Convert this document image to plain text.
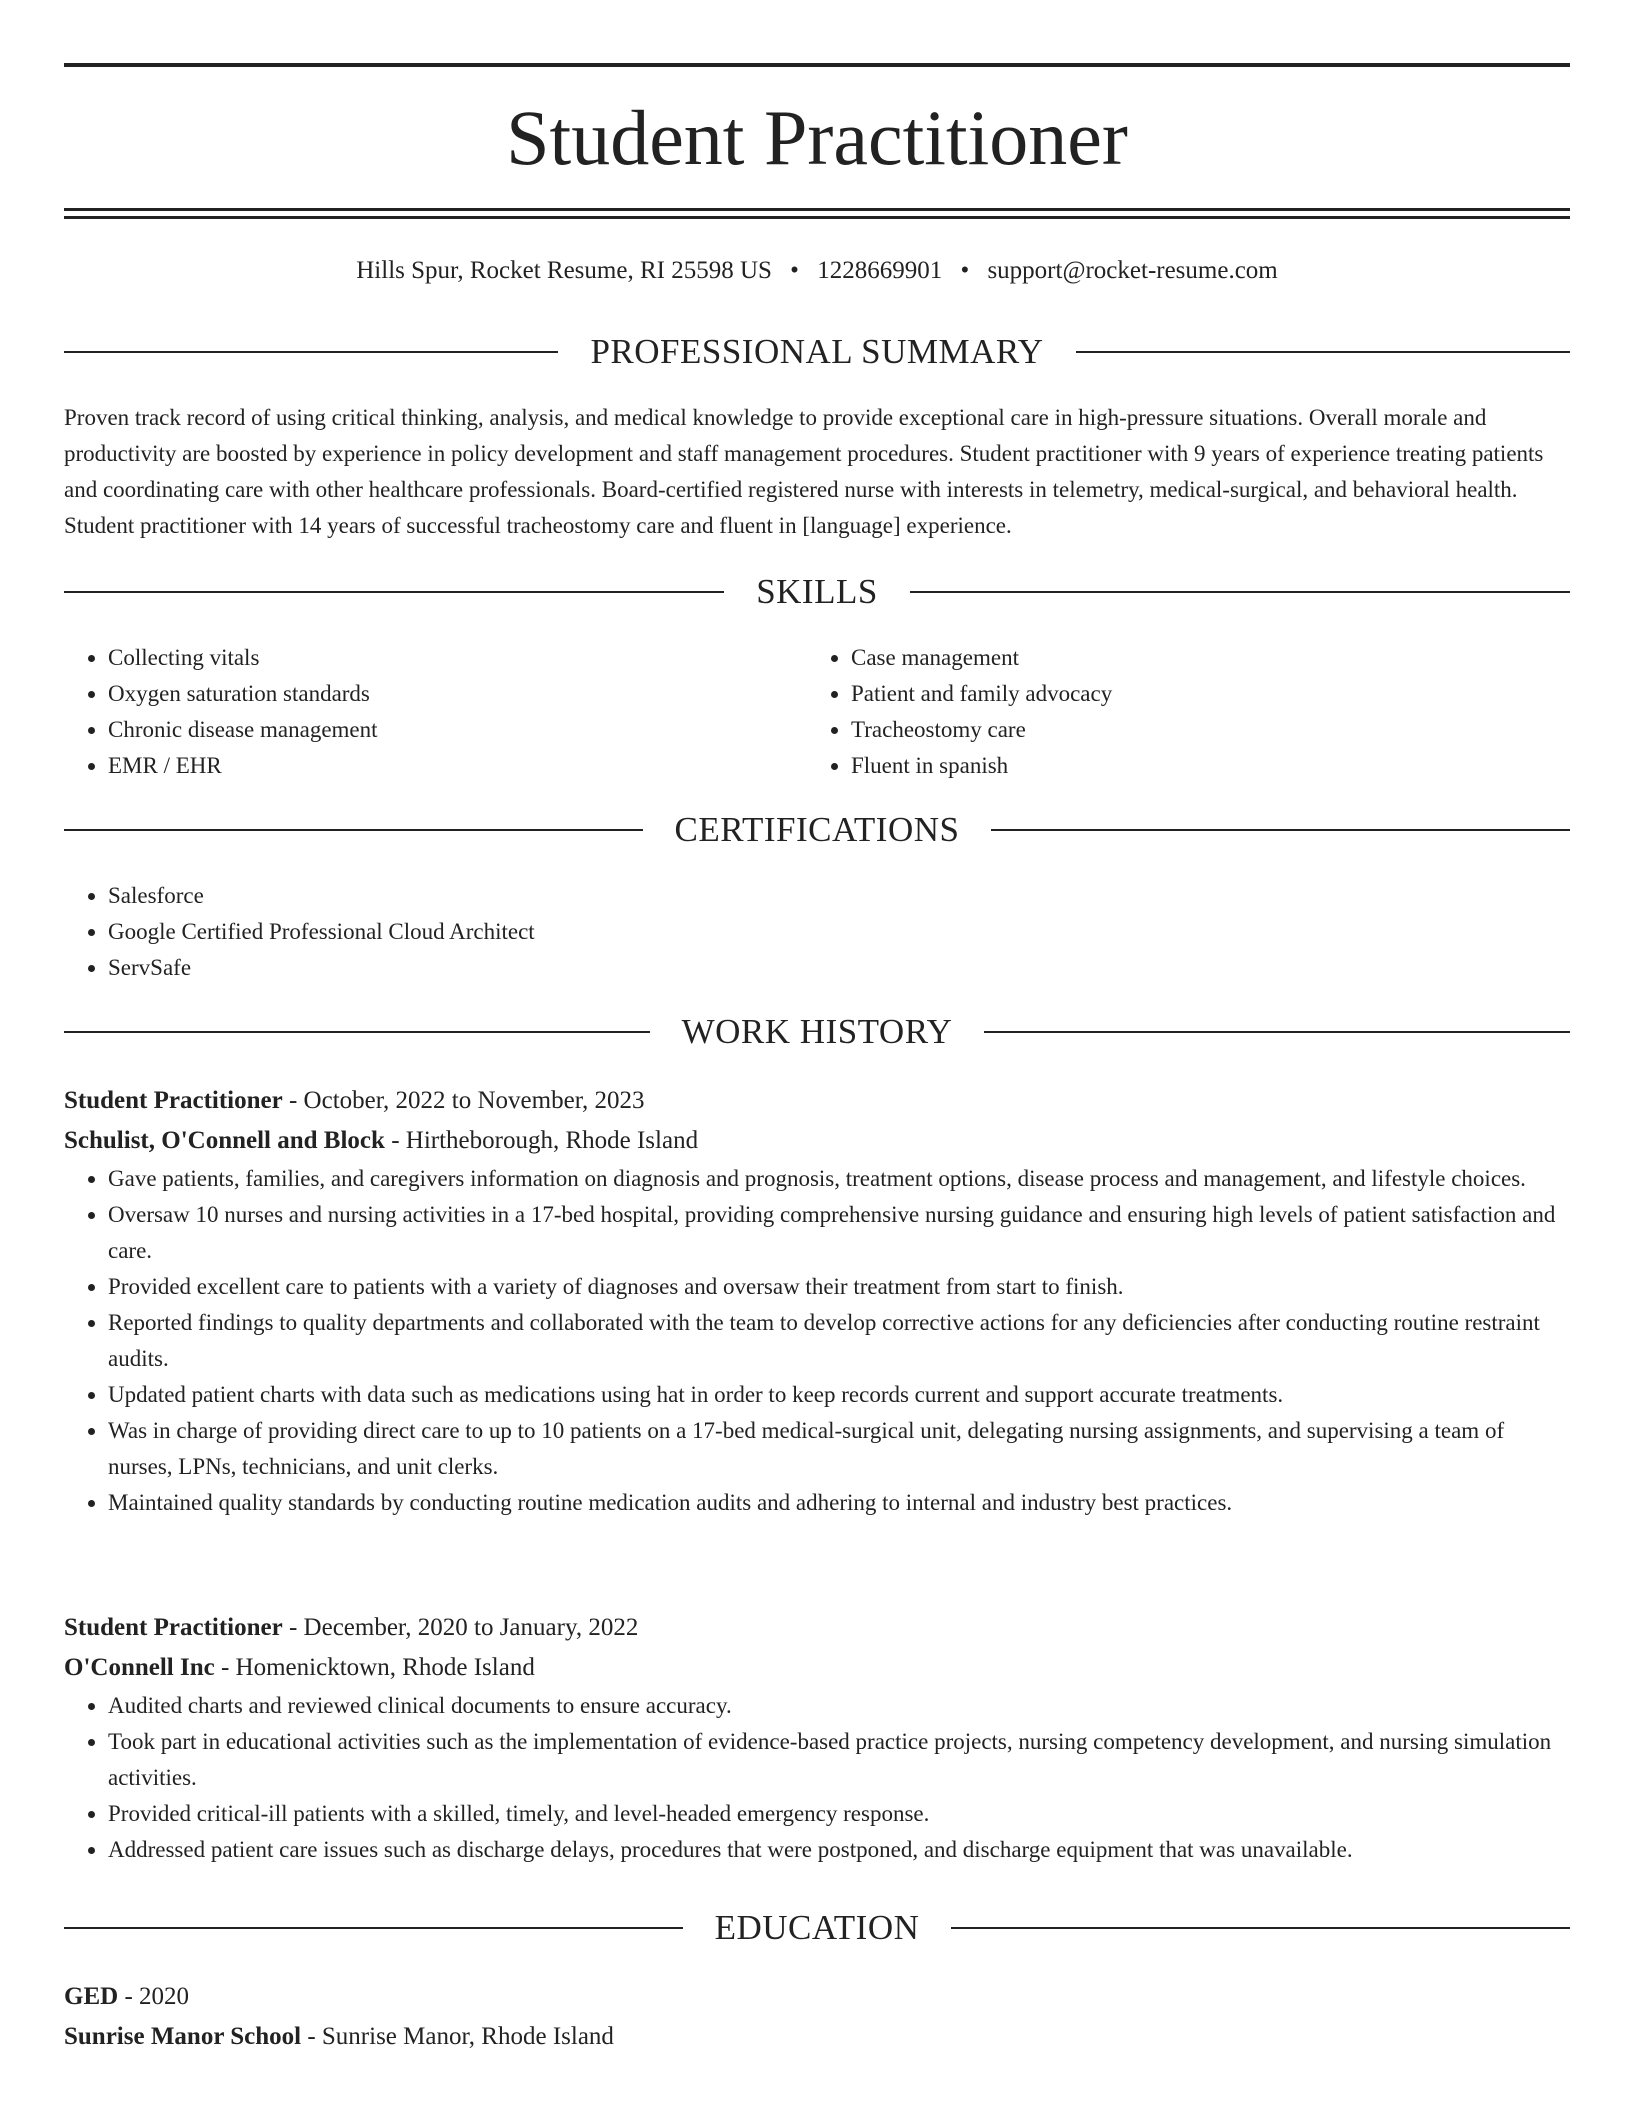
Student Practitioner
Hills Spur, Rocket Resume, RI 25598 US • 1228669901 • support@rocket-resume.com
PROFESSIONAL SUMMARY

Proven track record of using critical thinking, analysis, and medical knowledge to provide exceptional care in high-pressure situations. Overall morale and productivity are boosted by experience in policy development and staff management procedures. Student practitioner with 9 years of experience treating patients and coordinating care with other healthcare professionals. Board-certified registered nurse with interests in telemetry, medical-surgical, and behavioral health. Student practitioner with 14 years of successful tracheostomy care and fluent in [language] experience.

SKILLS
• Collecting vitals
• Oxygen saturation standards
• Chronic disease management
• EMR / EHR
• Case management
• Patient and family advocacy
• Tracheostomy care
• Fluent in spanish
CERTIFICATIONS
• Salesforce
• Google Certified Professional Cloud Architect
• ServSafe
WORK HISTORY
Student Practitioner - October, 2022 to November, 2023
Schulist, O'Connell and Block - Hirtheborough, Rhode Island
• Gave patients, families, and caregivers information on diagnosis and prognosis, treatment options, disease process and management, and lifestyle choices.
• Oversaw 10 nurses and nursing activities in a 17-bed hospital, providing comprehensive nursing guidance and ensuring high levels of patient satisfaction and care.
• Provided excellent care to patients with a variety of diagnoses and oversaw their treatment from start to finish.
• Reported findings to quality departments and collaborated with the team to develop corrective actions for any deficiencies after conducting routine restraint audits.
• Updated patient charts with data such as medications using hat in order to keep records current and support accurate treatments.
• Was in charge of providing direct care to up to 10 patients on a 17-bed medical-surgical unit, delegating nursing assignments, and supervising a team of nurses, LPNs, technicians, and unit clerks.
• Maintained quality standards by conducting routine medication audits and adhering to internal and industry best practices.
Student Practitioner - December, 2020 to January, 2022
O'Connell Inc - Homenicktown, Rhode Island
• Audited charts and reviewed clinical documents to ensure accuracy.
• Took part in educational activities such as the implementation of evidence-based practice projects, nursing competency development, and nursing simulation activities.
• Provided critical-ill patients with a skilled, timely, and level-headed emergency response.
• Addressed patient care issues such as discharge delays, procedures that were postponed, and discharge equipment that was unavailable.
EDUCATION
GED - 2020
Sunrise Manor School - Sunrise Manor, Rhode Island
